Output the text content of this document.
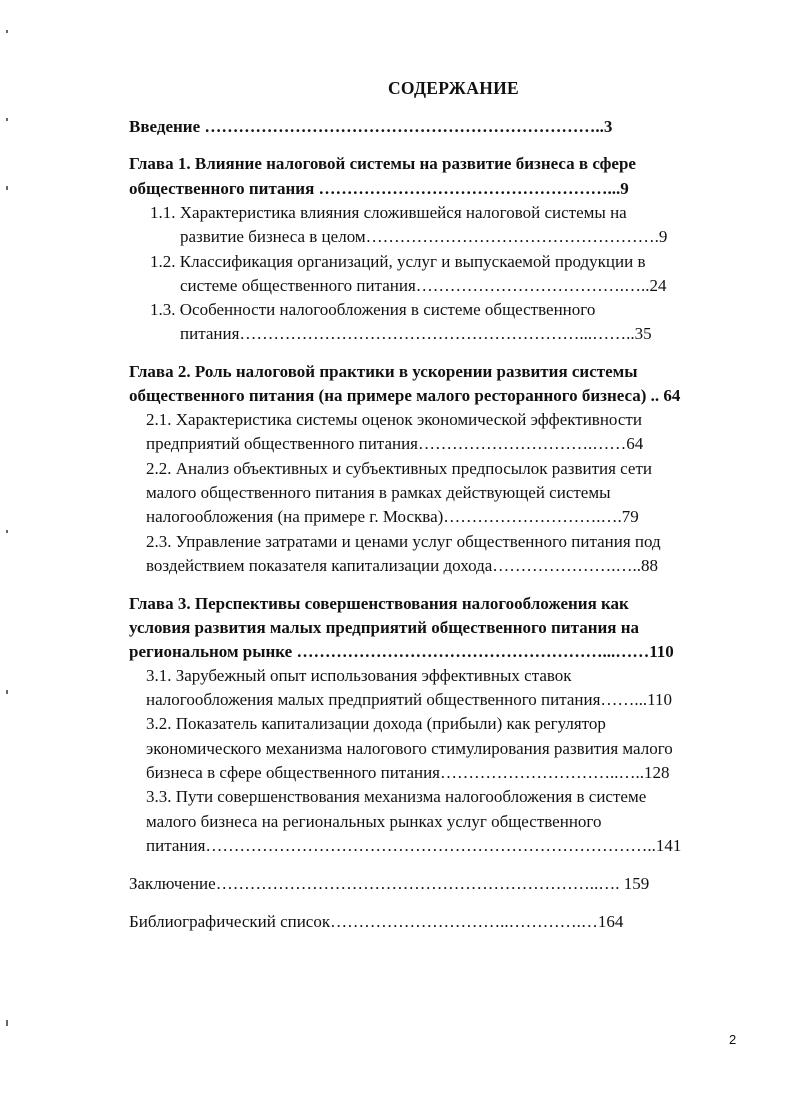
СОДЕРЖАНИЕ
Введение ……………………………………………………………..3
Глава 1. Влияние налоговой системы на развитие бизнеса в сфере
общественного питания ……………………………………………...9
1.1. Характеристика влияния сложившейся налоговой системы на
развитие бизнеса в целом…………………………………………….9
1.2. Классификация организаций, услуг и выпускаемой продукции в
системе общественного питания……………………………….…..24
1.3. Особенности налогообложения в системе общественного
питания……………………………………………………...……..35
Глава 2. Роль налоговой практики в ускорении развития системы
общественного питания (на примере малого ресторанного бизнеса) .. 64
2.1. Характеристика системы оценок экономической эффективности
предприятий общественного питания………………………….……64
2.2. Анализ объективных и субъективных предпосылок развития сети
малого общественного питания в рамках действующей системы
налогообложения (на примере г. Москва)……………………….….79
2.3. Управление затратами и ценами услуг общественного питания под
воздействием показателя капитализации дохода………………….…..88
Глава 3. Перспективы совершенствования налогообложения как
условия развития малых предприятий общественного питания на
региональном рынке ………………………………………………...……110
3.1. Зарубежный опыт использования эффективных ставок
налогообложения малых предприятий общественного питания……...110
3.2. Показатель капитализации дохода (прибыли) как регулятор
экономического механизма налогового стимулирования развития малого
бизнеса в сфере общественного питания…………………………..…..128
3.3. Пути совершенствования механизма налогообложения в системе
малого бизнеса на региональных рынках услуг общественного
питания……………………………………………………………………..141
Заключение…………………………………………………………..…. 159
Библиографический список…………………………..………….…164
2
